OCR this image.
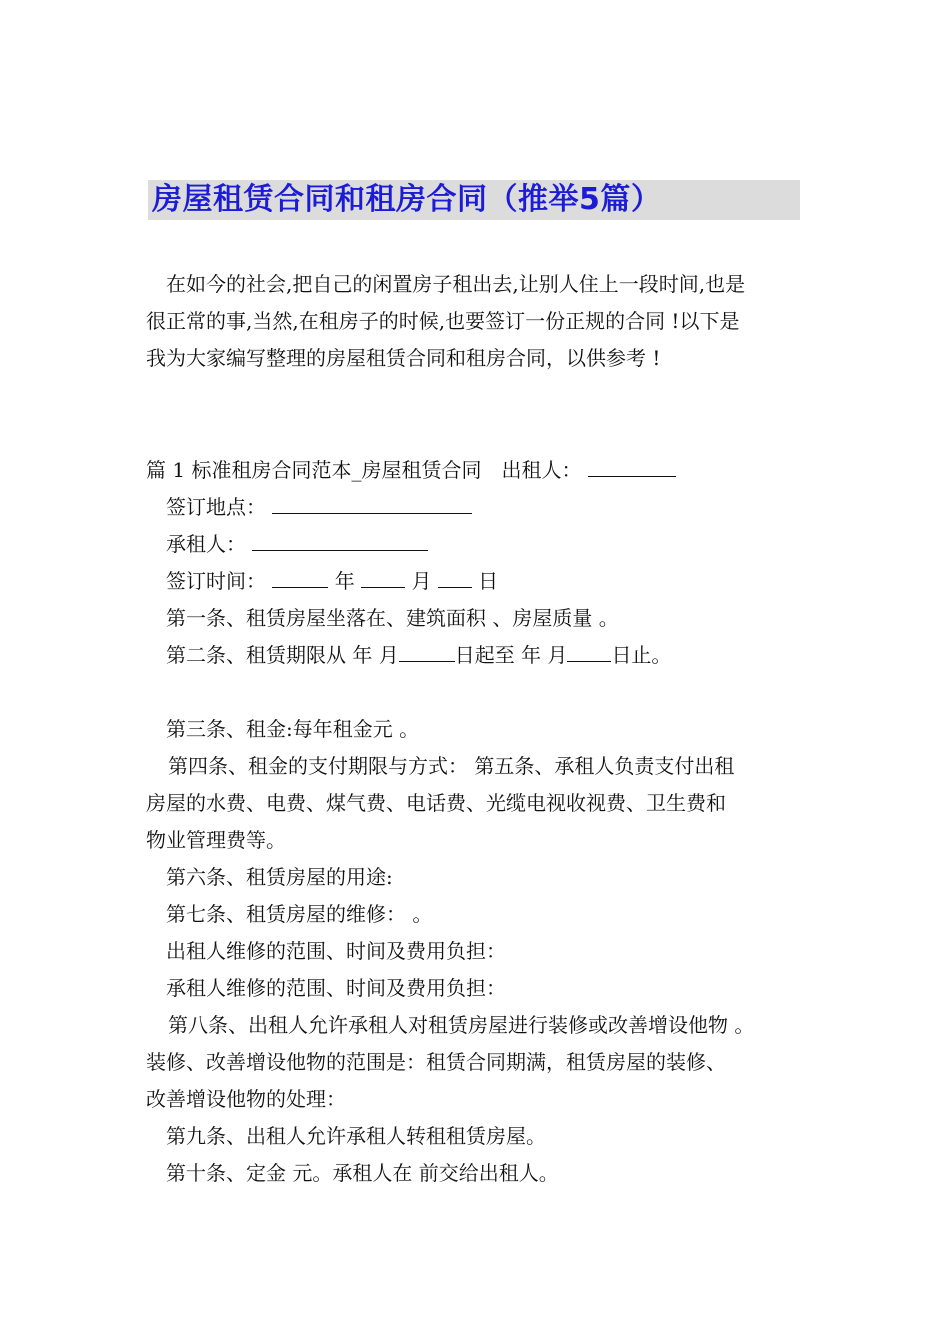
房屋租赁合同和租房合同（推举5篇）

在如今的社会,把自己的闲置房子租出去,让别人住上一段时间,也是

很正常的事,当然,在租房子的时候,也要签订一份正规的合同 !以下是

我为大家编写整理的房屋租赁合同和租房合同，以供参考 !

篇 1 标准租房合同范本_房屋租赁合同　出租人：

签订地点：

承租人：

签订时间：	年	月 日

第一条、租赁房屋坐落在、建筑面积 、房屋质量 。

第二条、租赁期限从 年 月	日起至 年 月 日止。

第三条、租金:每年租金元 。

第四条、租金的支付期限与方式： 第五条、承租人负责支付出租

房屋的水费、电费、煤气费、电话费、光缆电视收视费、卫生费和

物业管理费等。

第六条、租赁房屋的用途:

第七条、租赁房屋的维修： 。

出租人维修的范围、时间及费用负担：

承租人维修的范围、时间及费用负担：

第八条、出租人允许承租人对租赁房屋进行装修或改善增设他物 。

装修、改善增设他物的范围是：租赁合同期满，租赁房屋的装修、

改善增设他物的处理：

第九条、出租人允许承租人转租租赁房屋。

第十条、定金 元。承租人在 前交给出租人。
